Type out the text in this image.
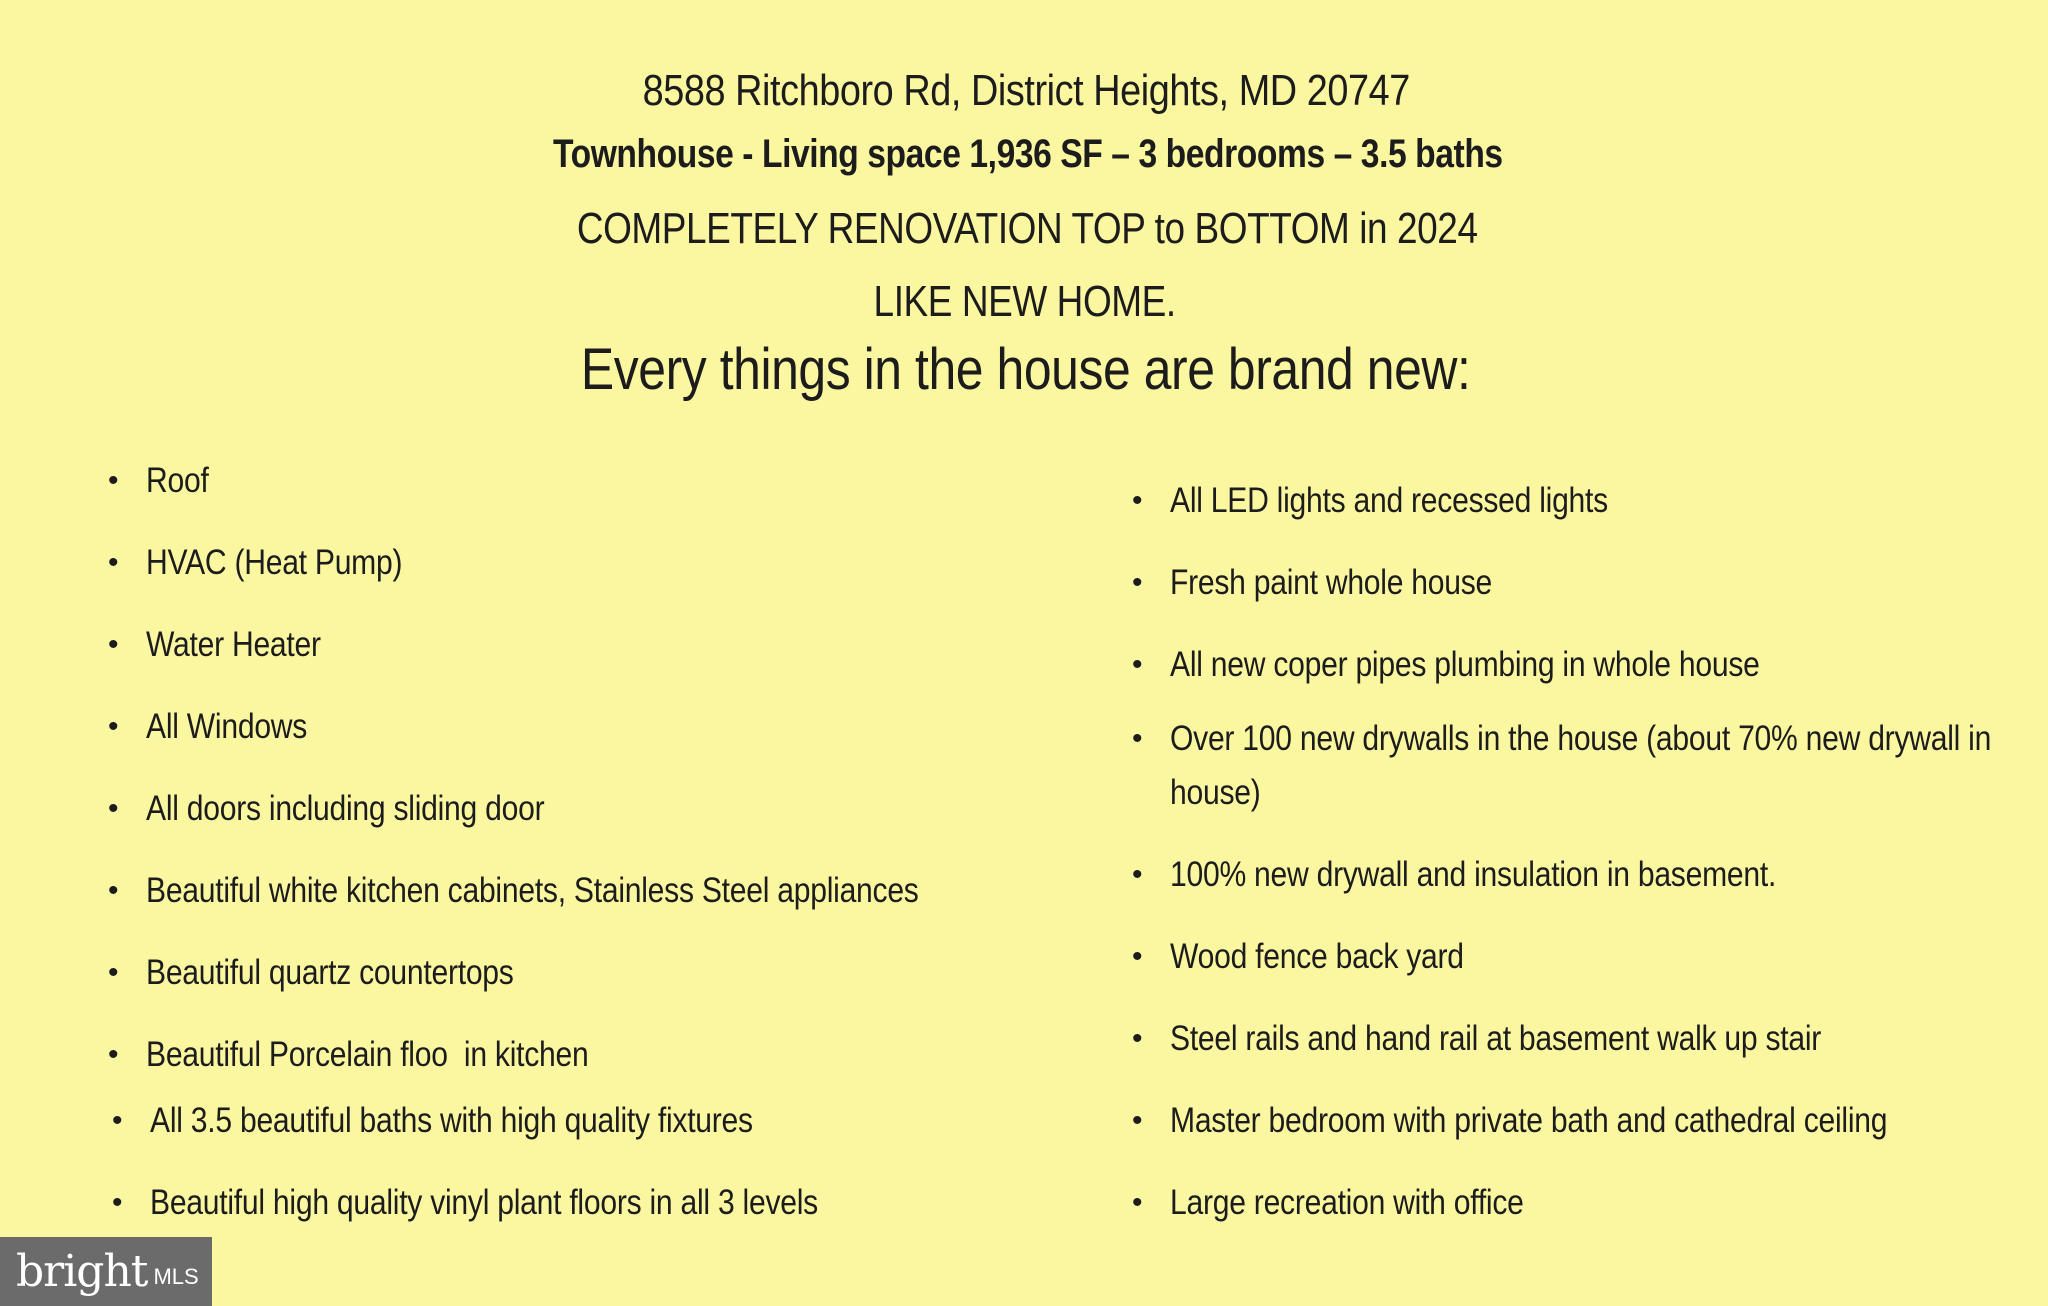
8588 Ritchboro Rd, District Heights, MD 20747
Townhouse - Living space 1,936 SF – 3 bedrooms – 3.5 baths
COMPLETELY RENOVATION TOP to BOTTOM in 2024
LIKE NEW HOME.
Every things in the house are brand new:
• Roof
• HVAC (Heat Pump)
• Water Heater
• All Windows
• All doors including sliding door
• Beautiful white kitchen cabinets, Stainless Steel appliances
• Beautiful quartz countertops
• Beautiful Porcelain floo  in kitchen
• All 3.5 beautiful baths with high quality fixtures
• Beautiful high quality vinyl plant floors in all 3 levels
• All LED lights and recessed lights
• Fresh paint whole house
• All new coper pipes plumbing in whole house
• Over 100 new drywalls in the house (about 70% new drywall in house)
• 100% new drywall and insulation in basement.
• Wood fence back yard
• Steel rails and hand rail at basement walk up stair
• Master bedroom with private bath and cathedral ceiling
• Large recreation with office
bright MLS
